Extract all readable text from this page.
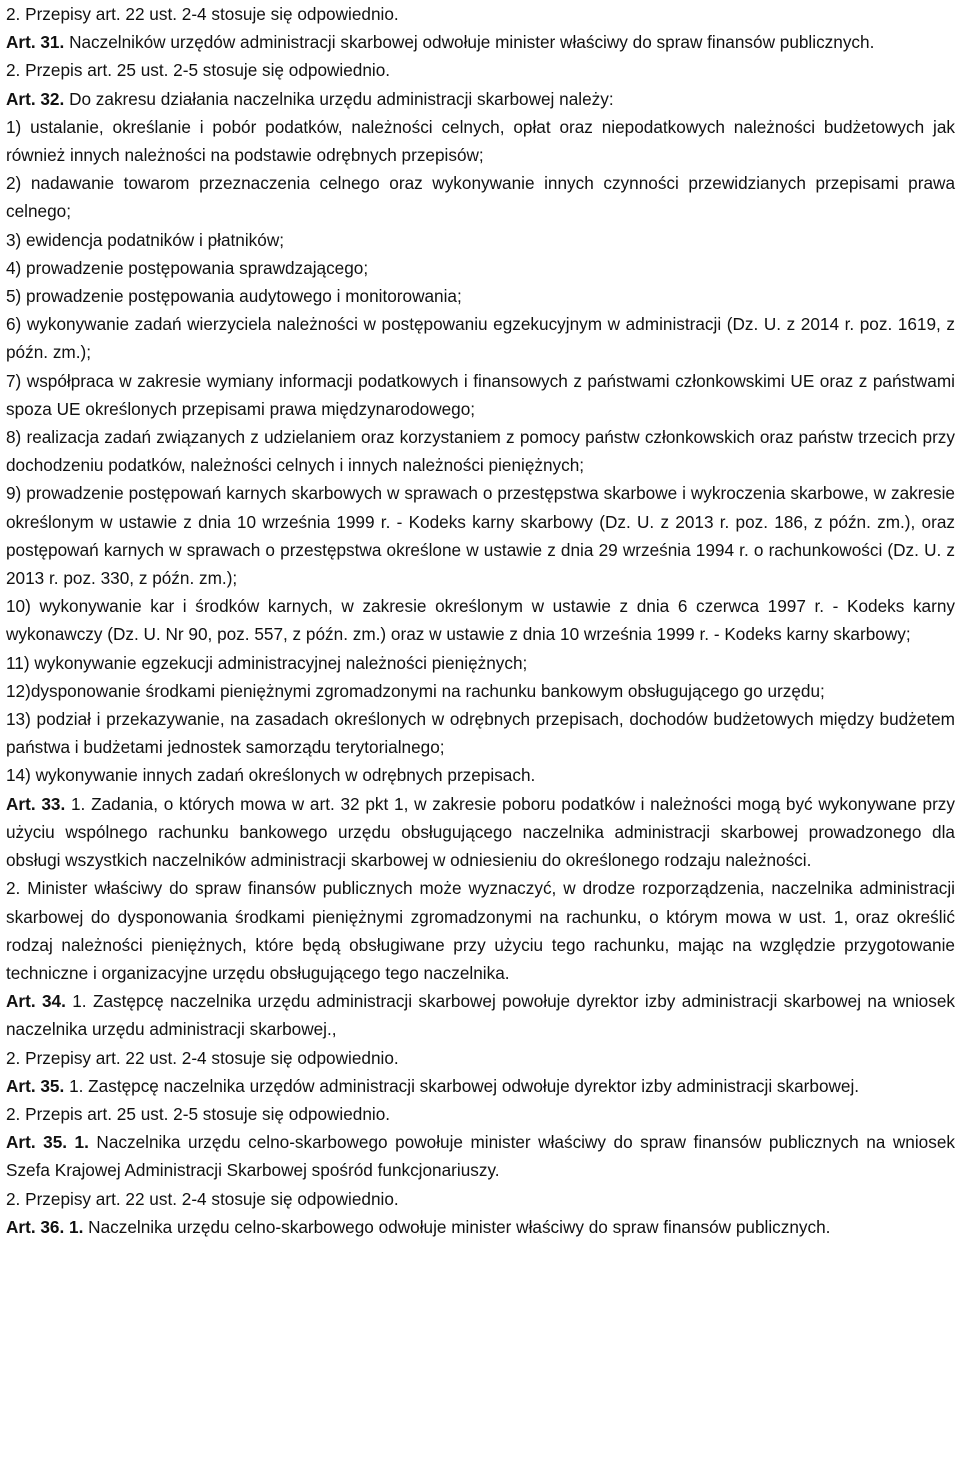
2. Przepisy art. 22 ust. 2-4 stosuje się odpowiednio.

Art. 31. Naczelników urzędów administracji skarbowej odwołuje minister właściwy do spraw finansów publicznych.

2. Przepis art. 25 ust. 2-5 stosuje się odpowiednio.

Art. 32. Do zakresu działania naczelnika urzędu administracji skarbowej należy:

1) ustalanie, określanie i pobór podatków, należności celnych, opłat oraz niepodatkowych należności budżetowych jak również innych należności na podstawie odrębnych przepisów;

2) nadawanie towarom przeznaczenia celnego oraz wykonywanie innych czynności przewidzianych przepisami prawa celnego;

3) ewidencja podatników i płatników;

4) prowadzenie postępowania sprawdzającego;

5) prowadzenie postępowania audytowego i monitorowania;

6) wykonywanie zadań wierzyciela należności w postępowaniu egzekucyjnym w administracji (Dz. U. z 2014 r. poz. 1619, z późn. zm.);

7) współpraca w zakresie wymiany informacji podatkowych i finansowych z państwami członkowskimi UE oraz z państwami spoza UE określonych przepisami prawa międzynarodowego;

8) realizacja zadań związanych z udzielaniem oraz korzystaniem z pomocy państw członkowskich oraz państw trzecich przy dochodzeniu podatków, należności celnych i innych należności pieniężnych;

9) prowadzenie postępowań karnych skarbowych w sprawach o przestępstwa skarbowe i wykroczenia skarbowe, w zakresie określonym w ustawie z dnia 10 września 1999 r. - Kodeks karny skarbowy (Dz. U. z 2013 r. poz. 186, z późn. zm.), oraz postępowań karnych w sprawach o przestępstwa określone w ustawie z dnia 29 września 1994 r. o rachunkowości (Dz. U. z 2013 r. poz. 330, z późn. zm.);

10) wykonywanie kar i środków karnych, w zakresie określonym w ustawie z dnia 6 czerwca 1997 r. - Kodeks karny wykonawczy (Dz. U. Nr 90, poz. 557, z późn. zm.) oraz w ustawie z dnia 10 września 1999 r. - Kodeks karny skarbowy;

11) wykonywanie egzekucji administracyjnej należności pieniężnych;

12)dysponowanie środkami pieniężnymi zgromadzonymi na rachunku bankowym obsługującego go urzędu;

13) podział i przekazywanie, na zasadach określonych w odrębnych przepisach, dochodów budżetowych między budżetem państwa i budżetami jednostek samorządu terytorialnego;

14) wykonywanie innych zadań określonych w odrębnych przepisach.

Art. 33. 1. Zadania, o których mowa w art. 32 pkt 1, w zakresie poboru podatków i należności mogą być wykonywane przy użyciu wspólnego rachunku bankowego urzędu obsługującego naczelnika administracji skarbowej prowadzonego dla obsługi wszystkich naczelników administracji skarbowej w odniesieniu do określonego rodzaju należności.

2. Minister właściwy do spraw finansów publicznych może wyznaczyć, w drodze rozporządzenia, naczelnika administracji skarbowej do dysponowania środkami pieniężnymi zgromadzonymi na rachunku, o którym mowa w ust. 1, oraz określić rodzaj należności pieniężnych, które będą obsługiwane przy użyciu tego rachunku, mając na względzie przygotowanie techniczne i organizacyjne urzędu obsługującego tego naczelnika.

Art. 34. 1. Zastępcę naczelnika urzędu administracji skarbowej powołuje dyrektor izby administracji skarbowej na wniosek naczelnika urzędu administracji skarbowej.,

2. Przepisy art. 22 ust. 2-4 stosuje się odpowiednio.

Art. 35. 1. Zastępcę naczelnika urzędów administracji skarbowej odwołuje dyrektor izby administracji skarbowej.

2. Przepis art. 25 ust. 2-5 stosuje się odpowiednio.

Art. 35. 1. Naczelnika urzędu celno-skarbowego powołuje minister właściwy do spraw finansów publicznych na wniosek Szefa Krajowej Administracji Skarbowej spośród funkcjonariuszy.

2. Przepisy art. 22 ust. 2-4 stosuje się odpowiednio.

Art. 36. 1. Naczelnika urzędu celno-skarbowego odwołuje minister właściwy do spraw finansów publicznych.
